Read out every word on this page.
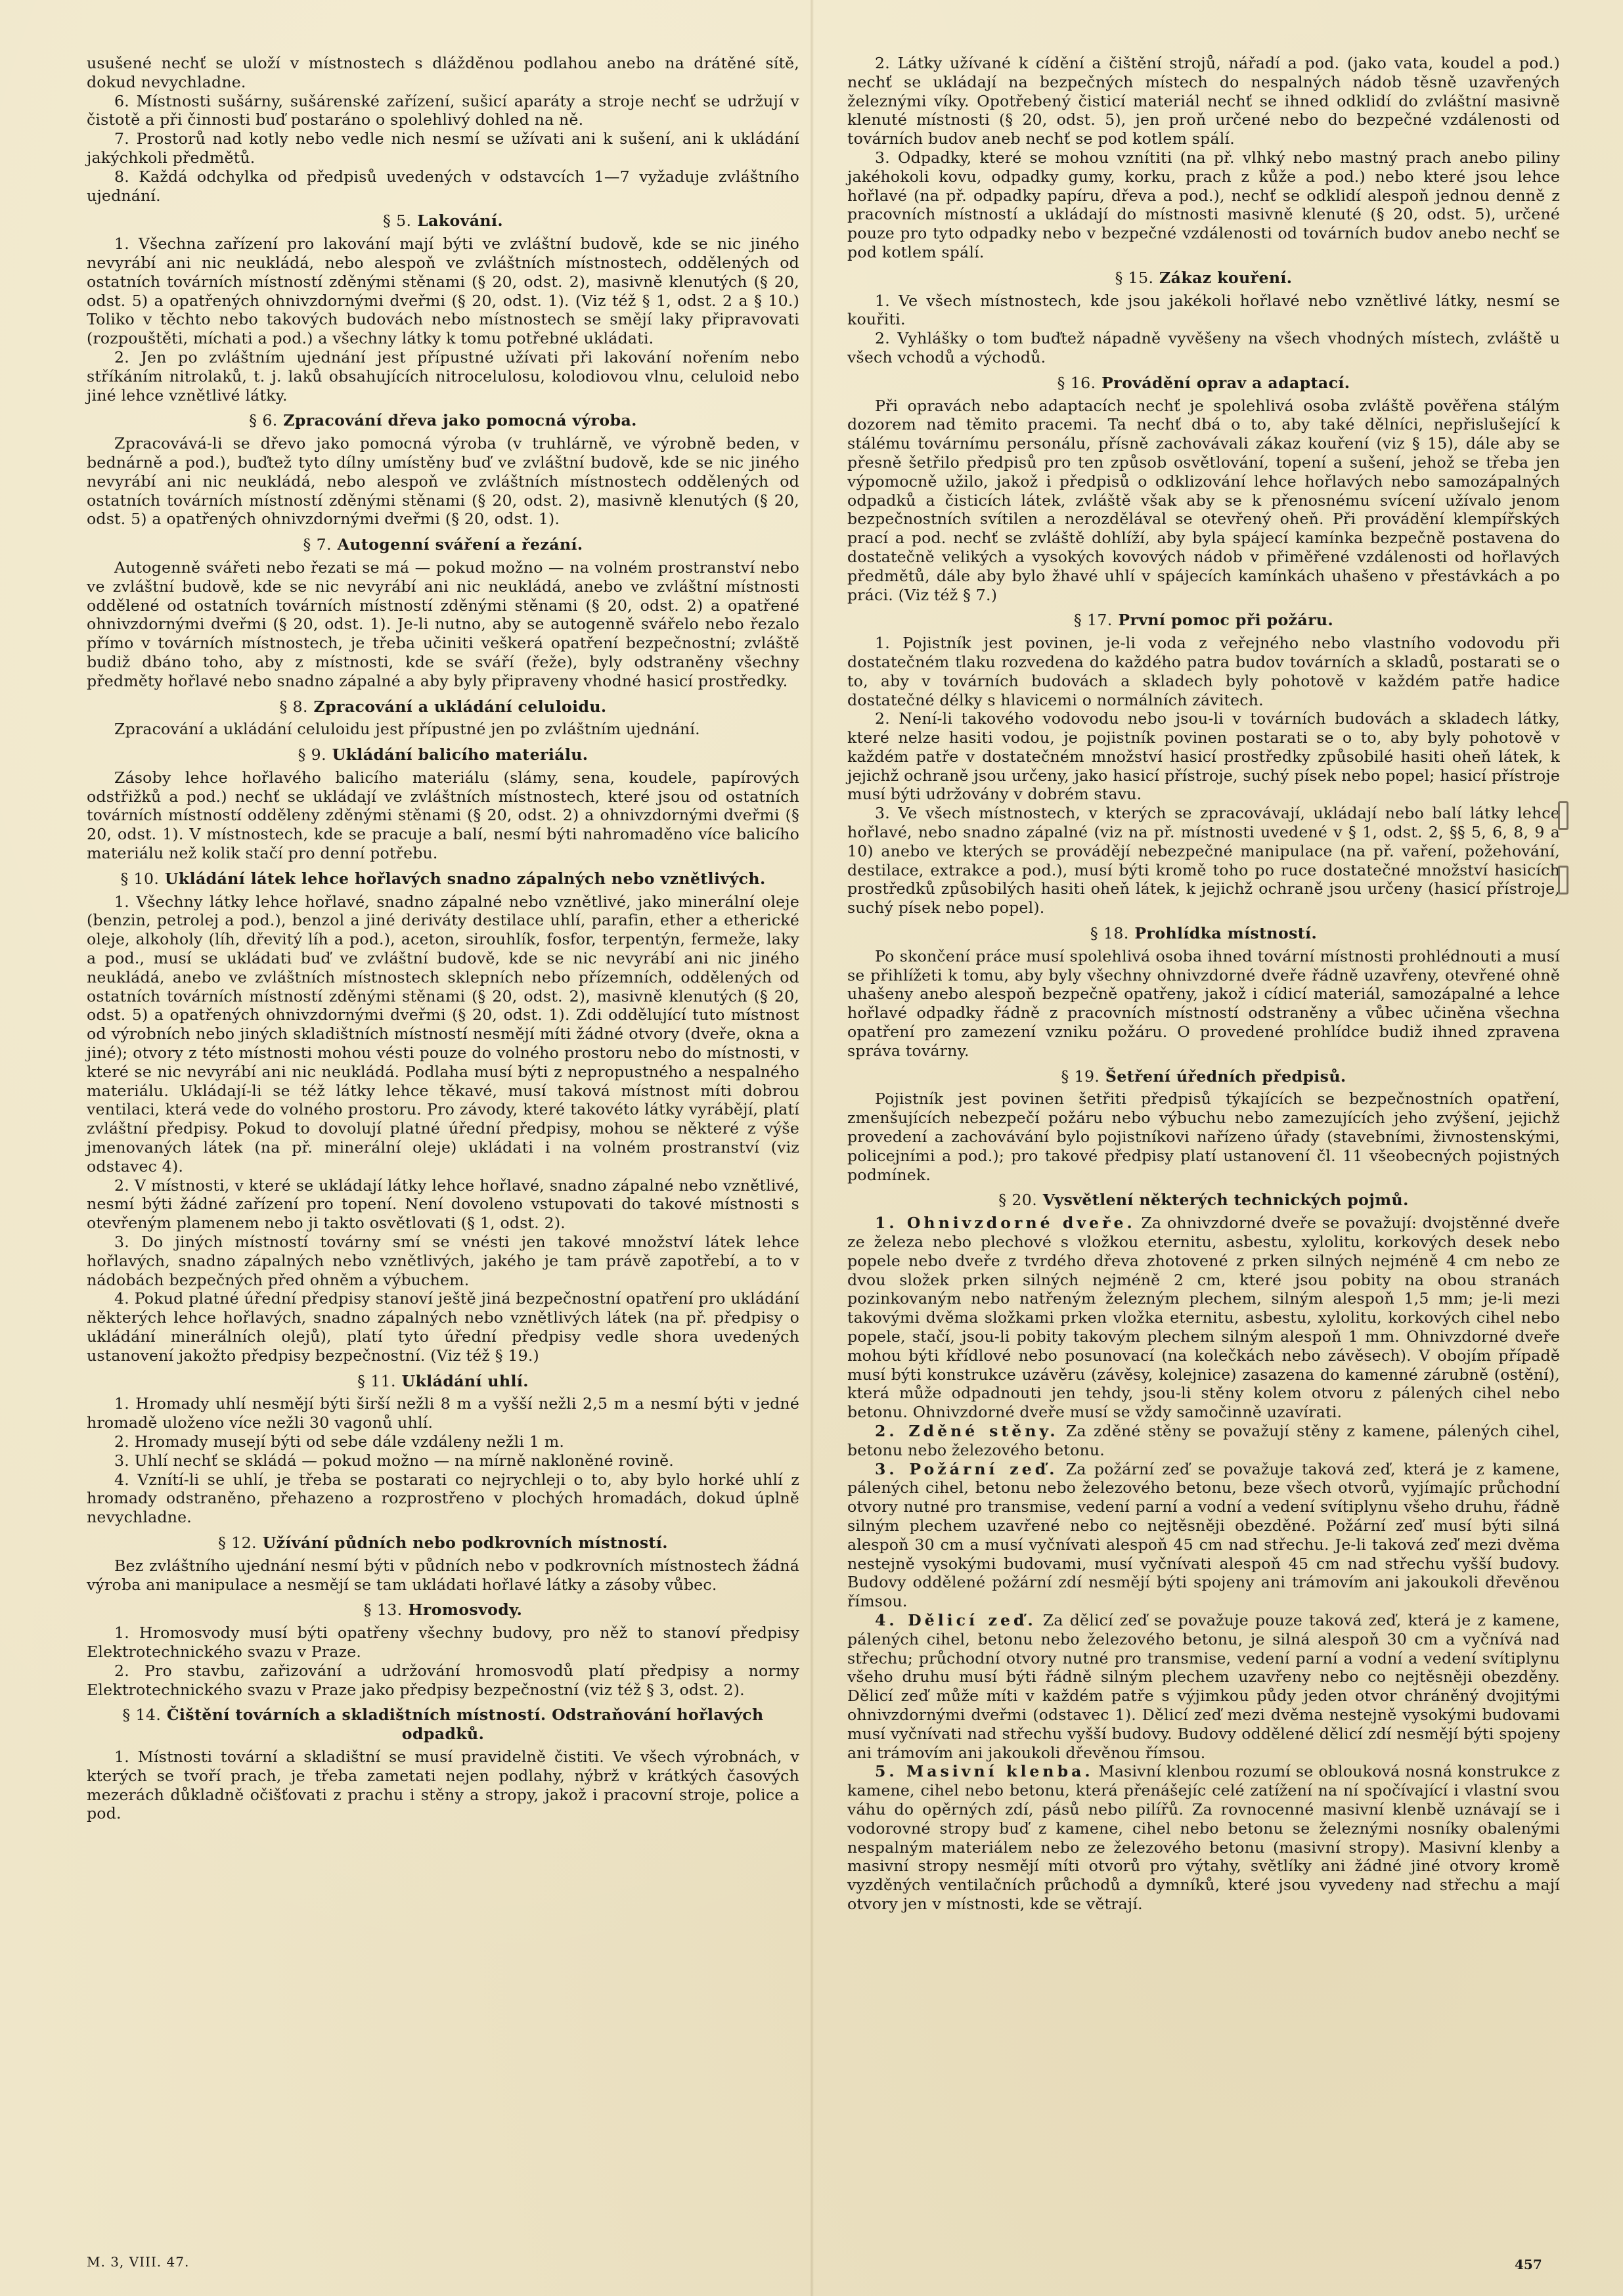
usušené nechť se uloží v místnostech s dlážděnou podlahou anebo na drátěné sítě, dokud nevychladne.

6. Místnosti sušárny, sušárenské zařízení, sušicí aparáty a stroje nechť se udržují v čistotě a při činnosti buď postaráno o spolehlivý dohled na ně.

7. Prostorů nad kotly nebo vedle nich nesmí se užívati ani k sušení, ani k ukládání jakýchkoli předmětů.

8. Každá odchylka od předpisů uvedených v odstavcích 1—7 vyžaduje zvláštního ujednání.

§ 5. Lakování.

1. Všechna zařízení pro lakování mají býti ve zvláštní budově, kde se nic jiného nevyrábí ani nic neukládá, nebo alespoň ve zvláštních místnostech, oddělených od ostatních továrních místností zděnými stěnami (§ 20, odst. 2), masivně klenutých (§ 20, odst. 5) a opatřených ohnivzdornými dveřmi (§ 20, odst. 1). (Viz též § 1, odst. 2 a § 10.) Toliko v těchto nebo takových budovách nebo místnostech se smějí laky připravovati (rozpouštěti, míchati a pod.) a všechny látky k tomu potřebné ukládati.

2. Jen po zvláštním ujednání jest přípustné užívati při lakování nořením nebo stříkáním nitrolaků, t. j. laků obsahujících nitrocelulosu, kolodiovou vlnu, celuloid nebo jiné lehce vznětlivé látky.

§ 6. Zpracování dřeva jako pomocná výroba.

Zpracovává-li se dřevo jako pomocná výroba (v truhlárně, ve výrobně beden, v bednárně a pod.), buďtež tyto dílny umístěny buď ve zvláštní budově, kde se nic jiného nevyrábí ani nic neukládá, nebo alespoň ve zvláštních místnostech oddělených od ostatních továrních místností zděnými stěnami (§ 20, odst. 2), masivně klenutých (§ 20, odst. 5) a opatřených ohnivzdornými dveřmi (§ 20, odst. 1).

§ 7. Autogenní sváření a řezání.

Autogenně svářeti nebo řezati se má — pokud možno — na volném prostranství nebo ve zvláštní budově, kde se nic nevyrábí ani nic neukládá, anebo ve zvláštní místnosti oddělené od ostatních továrních místností zděnými stěnami (§ 20, odst. 2) a opatřené ohnivzdornými dveřmi (§ 20, odst. 1). Je-li nutno, aby se autogenně svářelo nebo řezalo přímo v továrních místnostech, je třeba učiniti veškerá opatření bezpečnostní; zvláště budiž dbáno toho, aby z místnosti, kde se sváří (řeže), byly odstraněny všechny předměty hořlavé nebo snadno zápalné a aby byly připraveny vhodné hasicí prostředky.

§ 8. Zpracování a ukládání celuloidu.

Zpracování a ukládání celuloidu jest přípustné jen po zvláštním ujednání.

§ 9. Ukládání balicího materiálu.

Zásoby lehce hořlavého balicího materiálu (slámy, sena, koudele, papírových odstřižků a pod.) nechť se ukládají ve zvláštních místnostech, které jsou od ostatních továrních místností odděleny zděnými stěnami (§ 20, odst. 2) a ohnivzdornými dveřmi (§ 20, odst. 1). V místnostech, kde se pracuje a balí, nesmí býti nahromaděno více balicího materiálu než kolik stačí pro denní potřebu.

§ 10. Ukládání látek lehce hořlavých snadno zápalných nebo vznětlivých.

1. Všechny látky lehce hořlavé, snadno zápalné nebo vznětlivé, jako minerální oleje (benzin, petrolej a pod.), benzol a jiné deriváty destilace uhlí, parafin, ether a etherické oleje, alkoholy (líh, dřevitý líh a pod.), aceton, sirouhlík, fosfor, terpentýn, fermeže, laky a pod., musí se ukládati buď ve zvláštní budově, kde se nic nevyrábí ani nic jiného neukládá, anebo ve zvláštních místnostech sklepních nebo přízemních, oddělených od ostatních továrních místností zděnými stěnami (§ 20, odst. 2), masivně klenutých (§ 20, odst. 5) a opatřených ohnivzdornými dveřmi (§ 20, odst. 1). Zdi oddělující tuto místnost od výrobních nebo jiných skladištních místností nesmějí míti žádné otvory (dveře, okna a jiné); otvory z této místnosti mohou vésti pouze do volného prostoru nebo do místnosti, v které se nic nevyrábí ani nic neukládá. Podlaha musí býti z nepropustného a nespalného materiálu. Ukládají-li se též látky lehce těkavé, musí taková místnost míti dobrou ventilaci, která vede do volného prostoru. Pro závody, které takovéto látky vyrábějí, platí zvláštní předpisy. Pokud to dovolují platné úřední předpisy, mohou se některé z výše jmenovaných látek (na př. minerální oleje) ukládati i na volném prostranství (viz odstavec 4).

2. V místnosti, v které se ukládají látky lehce hořlavé, snadno zápalné nebo vznětlivé, nesmí býti žádné zařízení pro topení. Není dovoleno vstupovati do takové místnosti s otevřeným plamenem nebo ji takto osvětlovati (§ 1, odst. 2).

3. Do jiných místností továrny smí se vnésti jen takové množství látek lehce hořlavých, snadno zápalných nebo vznětlivých, jakého je tam právě zapotřebí, a to v nádobách bezpečných před ohněm a výbuchem.

4. Pokud platné úřední předpisy stanoví ještě jiná bezpečnostní opatření pro ukládání některých lehce hořlavých, snadno zápalných nebo vznětlivých látek (na př. předpisy o ukládání minerálních olejů), platí tyto úřední předpisy vedle shora uvedených ustanovení jakožto předpisy bezpečnostní. (Viz též § 19.)

§ 11. Ukládání uhlí.

1. Hromady uhlí nesmějí býti širší nežli 8 m a vyšší nežli 2,5 m a nesmí býti v jedné hromadě uloženo více nežli 30 vagonů uhlí.

2. Hromady musejí býti od sebe dále vzdáleny nežli 1 m.

3. Uhlí nechť se skládá — pokud možno — na mírně nakloněné rovině.

4. Vznítí-li se uhlí, je třeba se postarati co nejrychleji o to, aby bylo horké uhlí z hromady odstraněno, přehazeno a rozprostřeno v plochých hromadách, dokud úplně nevychladne.

§ 12. Užívání půdních nebo podkrovních místností.

Bez zvláštního ujednání nesmí býti v půdních nebo v podkrovních místnostech žádná výroba ani manipulace a nesmějí se tam ukládati hořlavé látky a zásoby vůbec.

§ 13. Hromosvody.

1. Hromosvody musí býti opatřeny všechny budovy, pro něž to stanoví předpisy Elektrotechnického svazu v Praze.

2. Pro stavbu, zařizování a udržování hromosvodů platí předpisy a normy Elektrotechnického svazu v Praze jako předpisy bezpečnostní (viz též § 3, odst. 2).

§ 14. Čištění továrních a skladištních místností. Odstraňování hořlavých odpadků.

1. Místnosti tovární a skladištní se musí pravidelně čistiti. Ve všech výrobnách, v kterých se tvoří prach, je třeba zametati nejen podlahy, nýbrž v krátkých časových mezerách důkladně očišťovati z prachu i stěny a stropy, jakož i pracovní stroje, police a pod.

2. Látky užívané k cídění a čištění strojů, nářadí a pod. (jako vata, koudel a pod.) nechť se ukládají na bezpečných místech do nespalných nádob těsně uzavřených železnými víky. Opotřebený čisticí materiál nechť se ihned odklidí do zvláštní masivně klenuté místnosti (§ 20, odst. 5), jen proň určené nebo do bezpečné vzdálenosti od továrních budov aneb nechť se pod kotlem spálí.

3. Odpadky, které se mohou vznítiti (na př. vlhký nebo mastný prach anebo piliny jakéhokoli kovu, odpadky gumy, korku, prach z kůže a pod.) nebo které jsou lehce hořlavé (na př. odpadky papíru, dřeva a pod.), nechť se odklidí alespoň jednou denně z pracovních místností a ukládají do místnosti masivně klenuté (§ 20, odst. 5), určené pouze pro tyto odpadky nebo v bezpečné vzdálenosti od továrních budov anebo nechť se pod kotlem spálí.

§ 15. Zákaz kouření.

1. Ve všech místnostech, kde jsou jakékoli hořlavé nebo vznětlivé látky, nesmí se kouřiti.

2. Vyhlášky o tom buďtež nápadně vyvěšeny na všech vhodných místech, zvláště u všech vchodů a východů.

§ 16. Provádění oprav a adaptací.

Při opravách nebo adaptacích nechť je spolehlivá osoba zvláště pověřena stálým dozorem nad těmito pracemi. Ta nechť dbá o to, aby také dělníci, nepřislušející k stálému továrnímu personálu, přísně zachovávali zákaz kouření (viz § 15), dále aby se přesně šetřilo předpisů pro ten způsob osvětlování, topení a sušení, jehož se třeba jen výpomocně užilo, jakož i předpisů o odklizování lehce hořlavých nebo samozápalných odpadků a čisticích látek, zvláště však aby se k přenosnému svícení užívalo jenom bezpečnostních svítilen a nerozdělával se otevřený oheň. Při provádění klempířských prací a pod. nechť se zvláště dohlíží, aby byla spájecí kamínka bezpečně postavena do dostatečně velikých a vysokých kovových nádob v přiměřené vzdálenosti od hořlavých předmětů, dále aby bylo žhavé uhlí v spájecích kamínkách uhašeno v přestávkách a po práci. (Viz též § 7.)

§ 17. První pomoc při požáru.

1. Pojistník jest povinen, je-li voda z veřejného nebo vlastního vodovodu při dostatečném tlaku rozvedena do každého patra budov továrních a skladů, postarati se o to, aby v továrních budovách a skladech byly pohotově v každém patře hadice dostatečné délky s hlavicemi o normálních závitech.

2. Není-li takového vodovodu nebo jsou-li v továrních budovách a skladech látky, které nelze hasiti vodou, je pojistník povinen postarati se o to, aby byly pohotově v každém patře v dostatečném množství hasicí prostředky způsobilé hasiti oheň látek, k jejichž ochraně jsou určeny, jako hasicí přístroje, suchý písek nebo popel; hasicí přístroje musí býti udržovány v dobrém stavu.

3. Ve všech místnostech, v kterých se zpracovávají, ukládají nebo balí látky lehce hořlavé, nebo snadno zápalné (viz na př. místnosti uvedené v § 1, odst. 2, §§ 5, 6, 8, 9 a 10) anebo ve kterých se provádějí nebezpečné manipulace (na př. vaření, požehování, destilace, extrakce a pod.), musí býti kromě toho po ruce dostatečné množství hasicích prostředků způsobilých hasiti oheň látek, k jejichž ochraně jsou určeny (hasicí přístroje, suchý písek nebo popel).

§ 18. Prohlídka místností.

Po skončení práce musí spolehlivá osoba ihned tovární místnosti prohlédnouti a musí se přihlížeti k tomu, aby byly všechny ohnivzdorné dveře řádně uzavřeny, otevřené ohně uhašeny anebo alespoň bezpečně opatřeny, jakož i cídicí materiál, samozápalné a lehce hořlavé odpadky řádně z pracovních místností odstraněny a vůbec učiněna všechna opatření pro zamezení vzniku požáru. O provedené prohlídce budiž ihned zpravena správa továrny.

§ 19. Šetření úředních předpisů.

Pojistník jest povinen šetřiti předpisů týkajících se bezpečnostních opatření, zmenšujících nebezpečí požáru nebo výbuchu nebo zamezujících jeho zvýšení, jejichž provedení a zachovávání bylo pojistníkovi nařízeno úřady (stavebními, živnostenskými, policejními a pod.); pro takové předpisy platí ustanovení čl. 11 všeobecných pojistných podmínek.

§ 20. Vysvětlení některých technických pojmů.

1. Ohnivzdorné dveře. Za ohnivzdorné dveře se považují: dvojstěnné dveře ze železa nebo plechové s vložkou eternitu, asbestu, xylolitu, korkových desek nebo popele nebo dveře z tvrdého dřeva zhotovené z prken silných nejméně 4 cm nebo ze dvou složek prken silných nejméně 2 cm, které jsou pobity na obou stranách pozinkovaným nebo natřeným železným plechem, silným alespoň 1,5 mm; je-li mezi takovými dvěma složkami prken vložka eternitu, asbestu, xylolitu, korkových cihel nebo popele, stačí, jsou-li pobity takovým plechem silným alespoň 1 mm. Ohnivzdorné dveře mohou býti křídlové nebo posunovací (na kolečkách nebo závěsech). V obojím případě musí býti konstrukce uzávěru (závěsy, kolejnice) zasazena do kamenné zárubně (ostění), která může odpadnouti jen tehdy, jsou-li stěny kolem otvoru z pálených cihel nebo betonu. Ohnivzdorné dveře musí se vždy samočinně uzavírati.

2. Zděné stěny. Za zděné stěny se považují stěny z kamene, pálených cihel, betonu nebo železového betonu.

3. Požární zeď. Za požární zeď se považuje taková zeď, která je z kamene, pálených cihel, betonu nebo železového betonu, beze všech otvorů, vyjímajíc průchodní otvory nutné pro transmise, vedení parní a vodní a vedení svítiplynu všeho druhu, řádně silným plechem uzavřené nebo co nejtěsněji obezděné. Požární zeď musí býti silná alespoň 30 cm a musí vyčnívati alespoň 45 cm nad střechu. Je-li taková zeď mezi dvěma nestejně vysokými budovami, musí vyčnívati alespoň 45 cm nad střechu vyšší budovy. Budovy oddělené požární zdí nesmějí býti spojeny ani trámovím ani jakoukoli dřevěnou římsou.

4. Dělicí zeď. Za dělicí zeď se považuje pouze taková zeď, která je z kamene, pálených cihel, betonu nebo železového betonu, je silná alespoň 30 cm a vyčnívá nad střechu; průchodní otvory nutné pro transmise, vedení parní a vodní a vedení svítiplynu všeho druhu musí býti řádně silným plechem uzavřeny nebo co nejtěsněji obezděny. Dělicí zeď může míti v každém patře s výjimkou půdy jeden otvor chráněný dvojitými ohnivzdornými dveřmi (odstavec 1). Dělicí zeď mezi dvěma nestejně vysokými budovami musí vyčnívati nad střechu vyšší budovy. Budovy oddělené dělicí zdí nesmějí býti spojeny ani trámovím ani jakoukoli dřevěnou římsou.

5. Masivní klenba. Masivní klenbou rozumí se oblouková nosná konstrukce z kamene, cihel nebo betonu, která přenášejíc celé zatížení na ní spočívající i vlastní svou váhu do opěrných zdí, pásů nebo pilířů. Za rovnocenné masivní klenbě uznávají se i vodorovné stropy buď z kamene, cihel nebo betonu se železnými nosníky obalenými nespalným materiálem nebo ze železového betonu (masivní stropy). Masivní klenby a masivní stropy nesmějí míti otvorů pro výtahy, světlíky ani žádné jiné otvory kromě vyzděných ventilačních průchodů a dymníků, které jsou vyvedeny nad střechu a mají otvory jen v místnosti, kde se větrají.

M. 3, VIII. 47.	457
